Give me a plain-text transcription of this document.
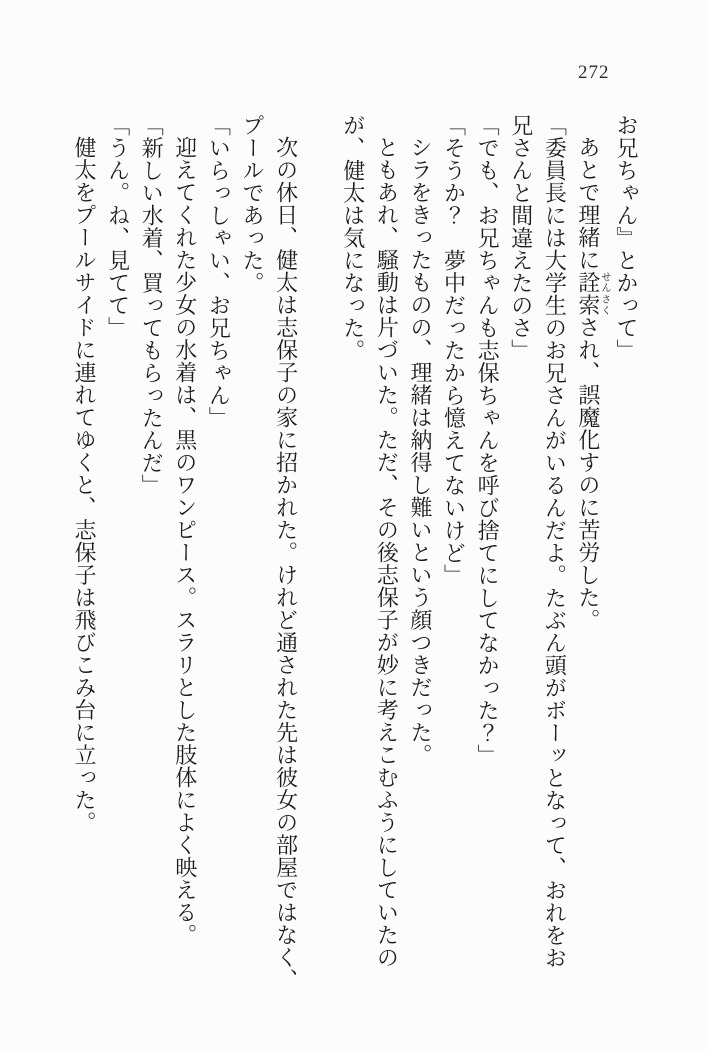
272

お兄ちゃん』とかって」

あとで理緒に詮索せんさくされ、誤魔化すのに苦労した。

「委員長には大学生のお兄さんがいるんだよ。たぶん頭がボーッとなって、おれをお

兄さんと間違えたのさ」

「でも、お兄ちゃんも志保ちゃんを呼び捨てにしてなかった？」

「そうか？　夢中だったから憶えてないけど」

シラをきったものの、理緒は納得し難いという顔つきだった。

ともあれ、騒動は片づいた。ただ、その後志保子が妙に考えこむふうにしていたの

が、健太は気になった。

次の休日、健太は志保子の家に招かれた。けれど通された先は彼女の部屋ではなく、

プールであった。

「いらっしゃい、お兄ちゃん」

迎えてくれた少女の水着は、黒のワンピース。スラリとした肢体によく映える。

「新しい水着、買ってもらったんだ」

「うん。ね、見てて」

健太をプールサイドに連れてゆくと、志保子は飛びこみ台に立った。
